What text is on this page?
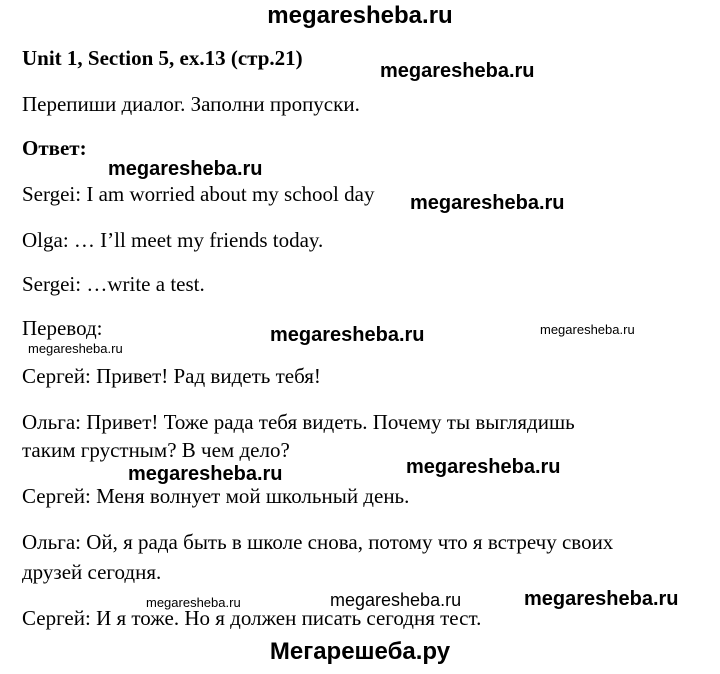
megaresheba.ru
Unit 1, Section 5, ex.13 (стр.21)
Перепиши диалог. Заполни пропуски.
Ответ:
Sergei: I am worried about my school day
Olga: … I’ll meet my friends today.
Sergei: …write a test.
Перевод:
Сергей: Привет! Рад видеть тебя!
Ольга: Привет! Тоже рада тебя видеть. Почему ты выглядишь
таким грустным? В чем дело?
Сергей: Меня волнует мой школьный день.
Ольга: Ой, я рада быть в школе снова, потому что я встречу своих
друзей сегодня.
Сергей: И я тоже. Но я должен писать сегодня тест.
megaresheba.ru
megaresheba.ru
megaresheba.ru
megaresheba.ru	megaresheba.ru
megaresheba.ru
megaresheba.ru	megaresheba.ru
megaresheba.ru	megaresheba.ru	megaresheba.ru
Мегарешеба.ру
